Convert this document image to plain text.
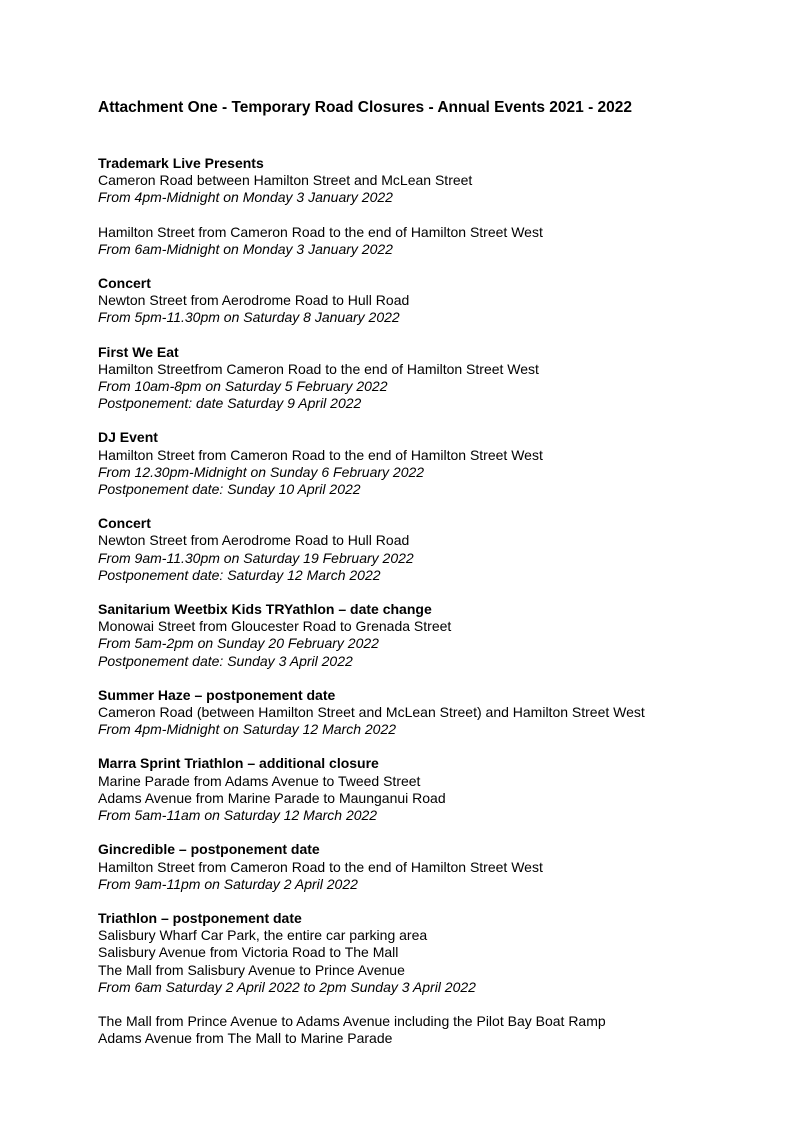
Attachment One - Temporary Road Closures - Annual Events 2021 - 2022
Trademark Live Presents
Cameron Road between Hamilton Street and McLean Street
From 4pm-Midnight on Monday 3 January 2022
Hamilton Street from Cameron Road to the end of Hamilton Street West
From 6am-Midnight on Monday 3 January 2022
Concert
Newton Street from Aerodrome Road to Hull Road
From 5pm-11.30pm on Saturday 8 January 2022
First We Eat
Hamilton Streetfrom Cameron Road to the end of Hamilton Street West
From 10am-8pm on Saturday 5 February 2022
Postponement: date Saturday 9 April 2022
DJ Event
Hamilton Street from Cameron Road to the end of Hamilton Street West
From 12.30pm-Midnight on Sunday 6 February 2022
Postponement date: Sunday 10 April 2022
Concert
Newton Street from Aerodrome Road to Hull Road
From 9am-11.30pm on Saturday 19 February 2022
Postponement date: Saturday 12 March 2022
Sanitarium Weetbix Kids TRYathlon – date change
Monowai Street from Gloucester Road to Grenada Street
From 5am-2pm on Sunday 20 February 2022
Postponement date: Sunday 3 April 2022
Summer Haze – postponement date
Cameron Road (between Hamilton Street and McLean Street) and Hamilton Street West
From 4pm-Midnight on Saturday 12 March 2022
Marra Sprint Triathlon – additional closure
Marine Parade from Adams Avenue to Tweed Street
Adams Avenue from Marine Parade to Maunganui Road
From 5am-11am on Saturday 12 March 2022
Gincredible – postponement date
Hamilton Street from Cameron Road to the end of Hamilton Street West
From 9am-11pm on Saturday 2 April 2022
Triathlon – postponement date
Salisbury Wharf Car Park, the entire car parking area
Salisbury Avenue from Victoria Road to The Mall
The Mall from Salisbury Avenue to Prince Avenue
From 6am Saturday 2 April 2022 to 2pm Sunday 3 April 2022
The Mall from Prince Avenue to Adams Avenue including the Pilot Bay Boat Ramp
Adams Avenue from The Mall to Marine Parade
